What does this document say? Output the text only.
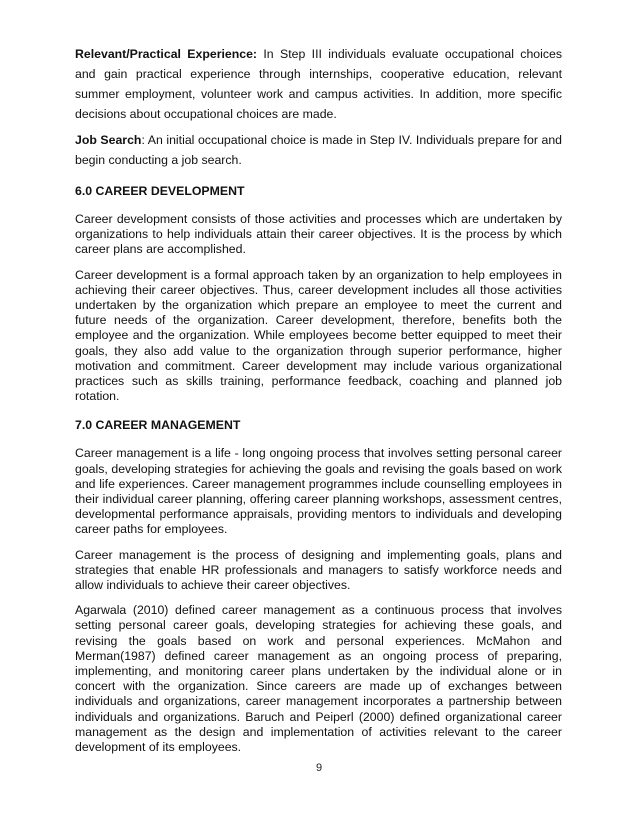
Relevant/Practical Experience: In Step III individuals evaluate occupational choices and gain practical experience through internships, cooperative education, relevant summer employment, volunteer work and campus activities. In addition, more specific decisions about occupational choices are made.

Job Search: An initial occupational choice is made in Step IV. Individuals prepare for and begin conducting a job search.

6.0 CAREER DEVELOPMENT

Career development consists of those activities and processes which are undertaken by organizations to help individuals attain their career objectives. It is the process by which career plans are accomplished.

Career development is a formal approach taken by an organization to help employees in achieving their career objectives. Thus, career development includes all those activities undertaken by the organization which prepare an employee to meet the current and future needs of the organization. Career development, therefore, benefits both the employee and the organization. While employees become better equipped to meet their goals, they also add value to the organization through superior performance, higher motivation and commitment. Career development may include various organizational practices such as skills training, performance feedback, coaching and planned job rotation.

7.0 CAREER MANAGEMENT

Career management is a life - long ongoing process that involves setting personal career goals, developing strategies for achieving the goals and revising the goals based on work and life experiences. Career management programmes include counselling employees in their individual career planning, offering career planning workshops, assessment centres, developmental performance appraisals, providing mentors to individuals and developing career paths for employees.

Career management is the process of designing and implementing goals, plans and strategies that enable HR professionals and managers to satisfy workforce needs and allow individuals to achieve their career objectives.

Agarwala (2010) defined career management as a continuous process that involves setting personal career goals, developing strategies for achieving these goals, and revising the goals based on work and personal experiences. McMahon and Merman(1987) defined career management as an ongoing process of preparing, implementing, and monitoring career plans undertaken by the individual alone or in concert with the organization. Since careers are made up of exchanges between individuals and organizations, career management incorporates a partnership between individuals and organizations. Baruch and Peiperl (2000) defined organizational career management as the design and implementation of activities relevant to the career development of its employees.

9
